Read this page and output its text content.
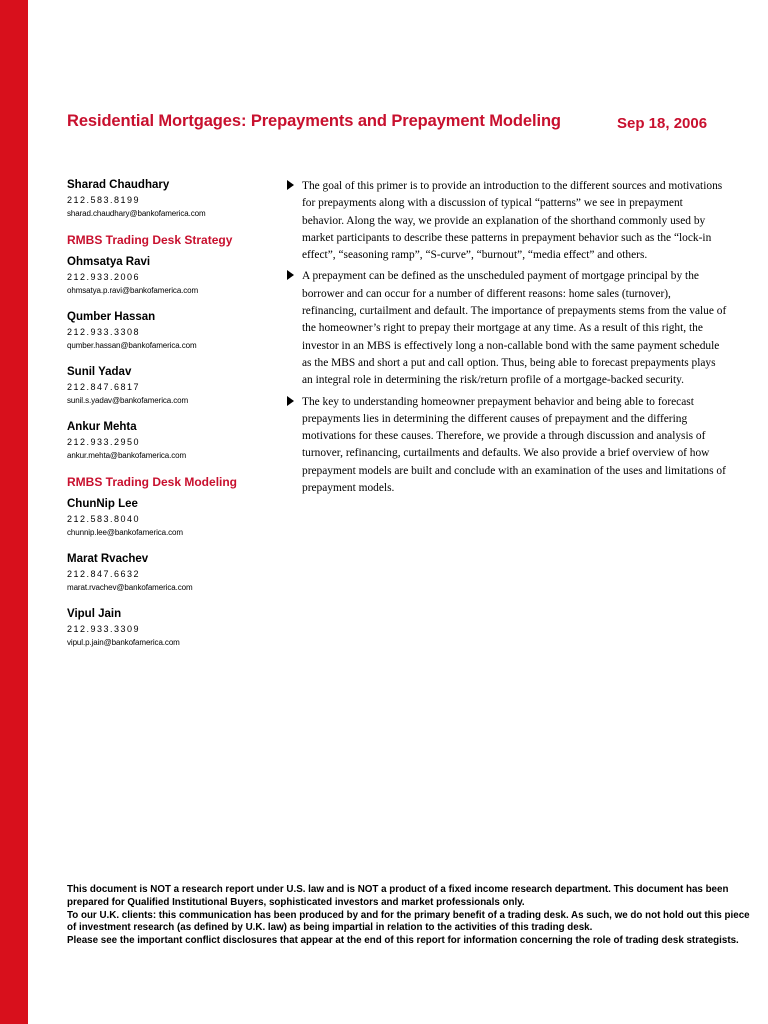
Residential Mortgages: Prepayments and Prepayment Modeling	Sep 18, 2006
Sharad Chaudhary
212.583.8199
sharad.chaudhary@bankofamerica.com
RMBS Trading Desk Strategy
Ohmsatya Ravi
212.933.2006
ohmsatya.p.ravi@bankofamerica.com
Qumber Hassan
212.933.3308
qumber.hassan@bankofamerica.com
Sunil Yadav
212.847.6817
sunil.s.yadav@bankofamerica.com
Ankur Mehta
212.933.2950
ankur.mehta@bankofamerica.com
RMBS Trading Desk Modeling
ChunNip Lee
212.583.8040
chunnip.lee@bankofamerica.com
Marat Rvachev
212.847.6632
marat.rvachev@bankofamerica.com
Vipul Jain
212.933.3309
vipul.p.jain@bankofamerica.com
The goal of this primer is to provide an introduction to the different sources and motivations for prepayments along with a discussion of typical “patterns” we see in prepayment behavior. Along the way, we provide an explanation of the shorthand commonly used by market participants to describe these patterns in prepayment behavior such as the “lock-in effect”, “seasoning ramp”, “S-curve”, “burnout”, “media effect” and others.
A prepayment can be defined as the unscheduled payment of mortgage principal by the borrower and can occur for a number of different reasons: home sales (turnover), refinancing, curtailment and default. The importance of prepayments stems from the value of the homeowner’s right to prepay their mortgage at any time. As a result of this right, the investor in an MBS is effectively long a non-callable bond with the same payment schedule as the MBS and short a put and call option. Thus, being able to forecast prepayments plays an integral role in determining the risk/return profile of a mortgage-backed security.
The key to understanding homeowner prepayment behavior and being able to forecast prepayments lies in determining the different causes of prepayment and the differing motivations for these causes. Therefore, we provide a through discussion and analysis of turnover, refinancing, curtailments and defaults. We also provide a brief overview of how prepayment models are built and conclude with an examination of the uses and limitations of prepayment models.
This document is NOT a research report under U.S. law and is NOT a product of a fixed income research department. This document has been prepared for Qualified Institutional Buyers, sophisticated investors and market professionals only.
To our U.K. clients: this communication has been produced by and for the primary benefit of a trading desk. As such, we do not hold out this piece of investment research (as defined by U.K. law) as being impartial in relation to the activities of this trading desk.
Please see the important conflict disclosures that appear at the end of this report for information concerning the role of trading desk strategists.
